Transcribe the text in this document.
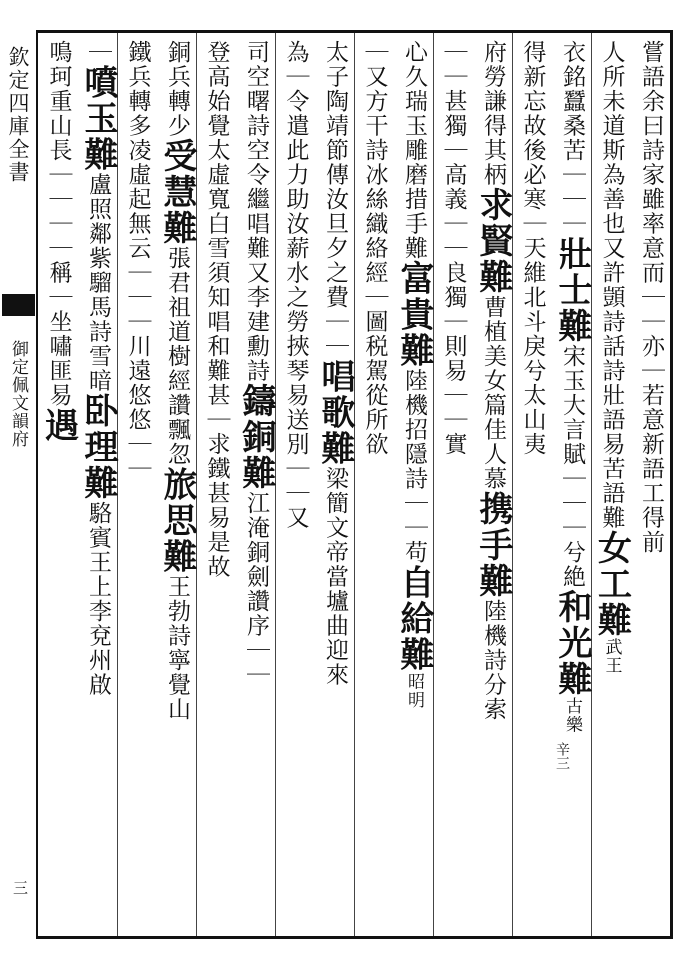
欽定四庫全書
御定佩文韻府
三
嘗語余曰詩家雖率意而｜｜亦｜若意新語工得前
人所未道斯為善也又許顗詩話詩壯語易苦語難女工難武王
衣銘蠶桑苦｜｜｜壯士難宋玉大言賦｜｜｜兮絶和光難古樂
得新忘故後必寒｜天維北斗戾兮太山夷
府勞謙得其柄求賢難曹植美女篇佳人慕携手難陸機詩分索
｜｜甚獨｜高義｜｜良獨｜則易｜｜實
心久瑞玉雕磨措手難富貴難陸機招隱詩｜｜苟自給難昭明
｜又方干詩冰絲織絡經｜圖税駕從所欲
太子陶靖節傳汝旦夕之費｜｜唱歌難梁簡文帝當壚曲迎來
為｜令遣此力助汝薪水之勞挾琴易送別｜｜又
司空曙詩空令繼唱難又李建勳詩鑄銅難江淹銅劍讚序｜｜
登高始覺太虛寬白雪須知唱和難甚｜求鐵甚易是故
銅兵轉少受慧難張君祖道樹經讚飄忽旅思難王勃詩寧覺山
鐵兵轉多凌虛起無云｜｜｜川遠悠悠｜｜
｜噴玉難盧照鄰紫騮馬詩雪暗卧理難駱賓王上李兗州啟
鳴珂重山長｜｜｜｜稱｜坐嘯匪易遇
辛三
